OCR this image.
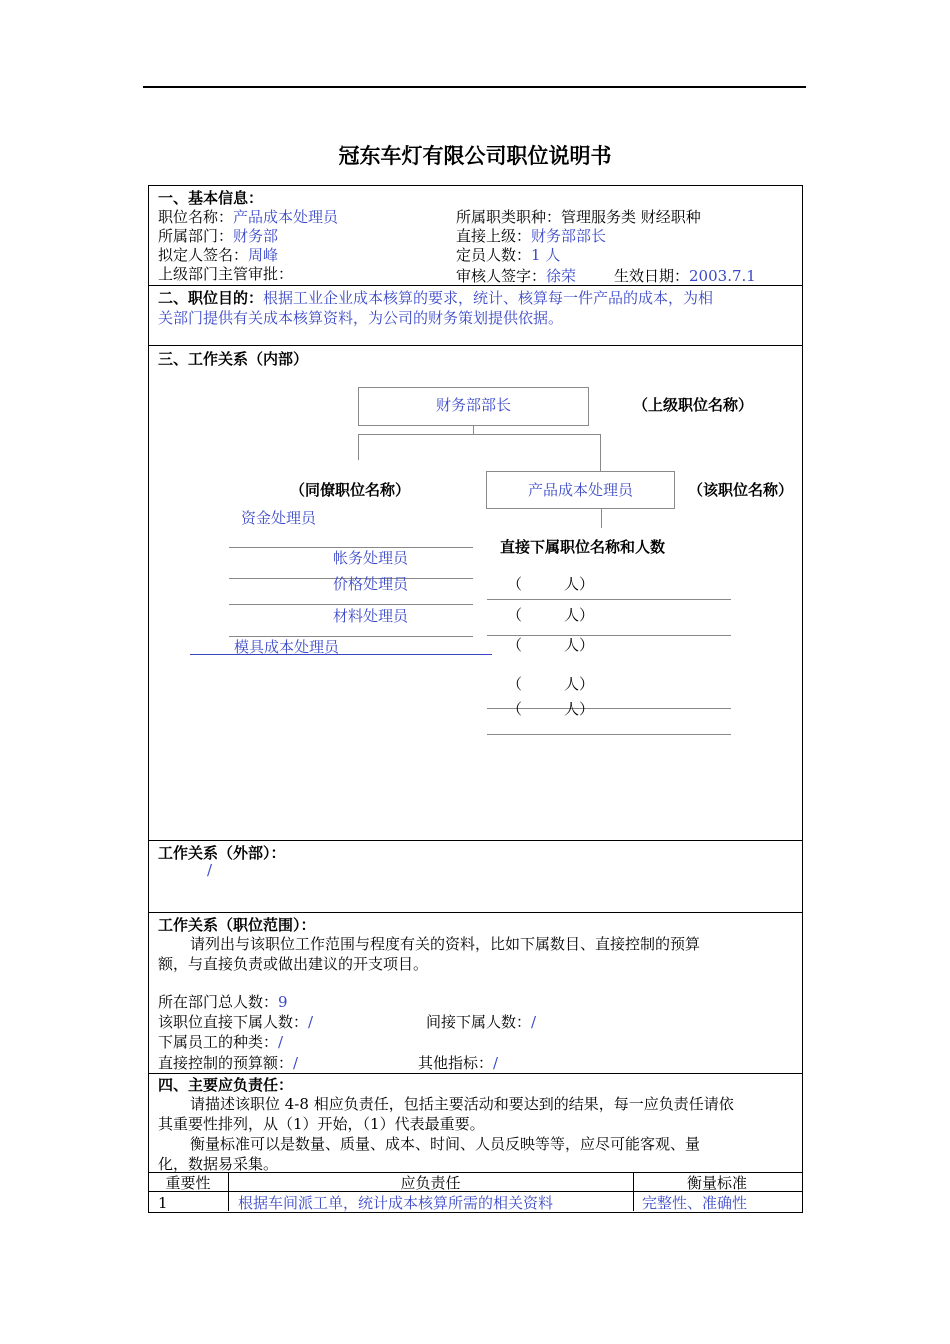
冠东车灯有限公司职位说明书
一、基本信息：
职位名称：产品成本处理员	所属职类职种：管理服务类 财经职种
所属部门：财务部	直接上级：财务部部长
拟定人签名：周峰	定员人数：1 人
上级部门主管审批：	审核人签字：徐荣	生效日期：2003.7.1
二、职位目的：根据工业企业成本核算的要求，统计、核算每一件产品的成本，为相
关部门提供有关成本核算资料，为公司的财务策划提供依据。
三、工作关系（内部）
财务部部长	（上级职位名称）
（同僚职位名称）	产品成本处理员	（该职位名称）
资金处理员
帐务处理员
价格处理员
材料处理员
模具成本处理员
直接下属职位名称和人数
（	人）
（	人）
（	人）
（	人）
（	人）
工作关系（外部）：
/
工作关系（职位范围）：
请列出与该职位工作范围与程度有关的资料，比如下属数目、直接控制的预算
额，与直接负责或做出建议的开支项目。
所在部门总人数：9
该职位直接下属人数：/	间接下属人数：/
下属员工的种类：/
直接控制的预算额：/	其他指标：/
四、主要应负责任：
请描述该职位 4-8 相应负责任，包括主要活动和要达到的结果，每一应负责任请依
其重要性排列，从（1）开始，（1）代表最重要。
衡量标准可以是数量、质量、成本、时间、人员反映等等，应尽可能客观、量
化，数据易采集。
重要性	应负责任	衡量标准
1	根据车间派工单，统计成本核算所需的相关资料	完整性、准确性
